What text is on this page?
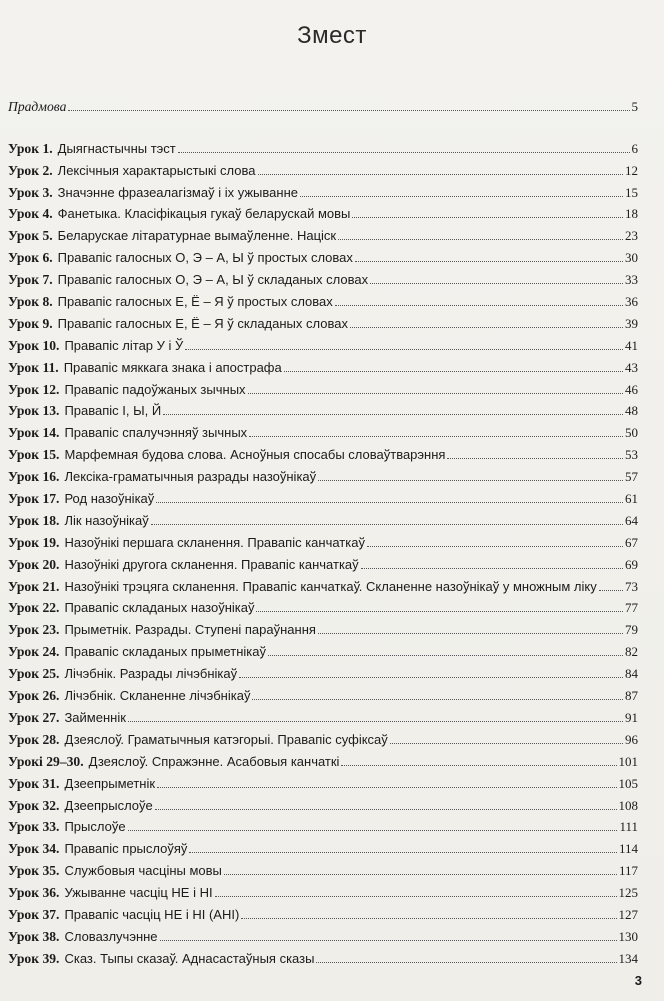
Змест
Прадмова	5
Урок 1. Дыягнастычны тэст	6
Урок 2. Лексічныя характарыстыкі слова	12
Урок 3. Значэнне фразеалагізмаў і іх ужыванне	15
Урок 4. Фанетыка. Класіфікацыя гукаў беларускай мовы	18
Урок 5. Беларускае літаратурнае вымаўленне. Націск	23
Урок 6. Правапіс галосных О, Э – А, Ы ў простых словах	30
Урок 7. Правапіс галосных О, Э – А, Ы ў складаных словах	33
Урок 8. Правапіс галосных Е, Ё – Я ў простых словах	36
Урок 9. Правапіс галосных Е, Ё – Я ў складаных словах	39
Урок 10. Правапіс літар У і Ў	41
Урок 11. Правапіс мяккага знака і апострафа	43
Урок 12. Правапіс падоўжаных зычных	46
Урок 13. Правапіс І, Ы, Й	48
Урок 14. Правапіс спалучэнняў зычных	50
Урок 15. Марфемная будова слова. Асноўныя спосабы словаўтварэння	53
Урок 16. Лексіка-граматычныя разрады назоўнікаў	57
Урок 17. Род назоўнікаў	61
Урок 18. Лік назоўнікаў	64
Урок 19. Назоўнікі першага скланення. Правапіс канчаткаў	67
Урок 20. Назоўнікі другога скланення. Правапіс канчаткаў	69
Урок 21. Назоўнікі трэцяга скланення. Правапіс канчаткаў. Скланенне назоўнікаў у множным ліку 73
Урок 22. Правапіс складаных назоўнікаў	77
Урок 23. Прыметнік. Разрады. Ступені параўнання	79
Урок 24. Правапіс складаных прыметнікаў	82
Урок 25. Лічэбнік. Разрады лічэбнікаў	84
Урок 26. Лічэбнік. Скланенне лічэбнікаў	87
Урок 27. Займеннік	91
Урок 28. Дзеяслоў. Граматычныя катэгорыі. Правапіс суфіксаў	96
Урокі 29–30. Дзеяслоў. Спражэнне. Асабовыя канчаткі	101
Урок 31. Дзеепрыметнік	105
Урок 32. Дзеепрыслоўе	108
Урок 33. Прыслоўе	111
Урок 34. Правапіс прыслоўяў	114
Урок 35. Службовыя часціны мовы	117
Урок 36. Ужыванне часціц НЕ і НІ	125
Урок 37. Правапіс часціц НЕ і НІ (АНІ)	127
Урок 38. Словазлучэнне	130
Урок 39. Сказ. Тыпы сказаў. Аднасастаўныя сказы	134
3
